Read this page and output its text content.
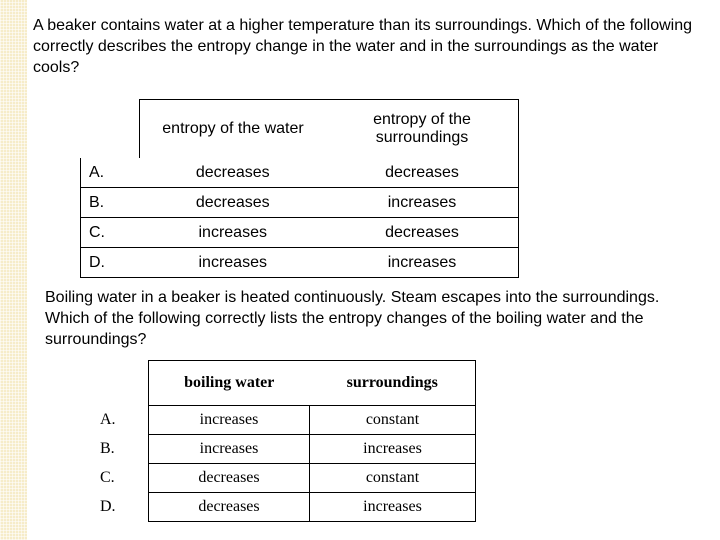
A beaker contains water at a higher temperature than its surroundings. Which of the following correctly describes the entropy change in the water and in the surroundings as the water cools?
	entropy of the water	entropy of the surroundings
A.	decreases	decreases
B.	decreases	increases
C.	increases	decreases
D.	increases	increases
Boiling water in a beaker is heated continuously. Steam escapes into the surroundings. Which of the following correctly lists the entropy changes of the boiling water and the surroundings?
	boiling water	surroundings
A.	increases	constant
B.	increases	increases
C.	decreases	constant
D.	decreases	increases
